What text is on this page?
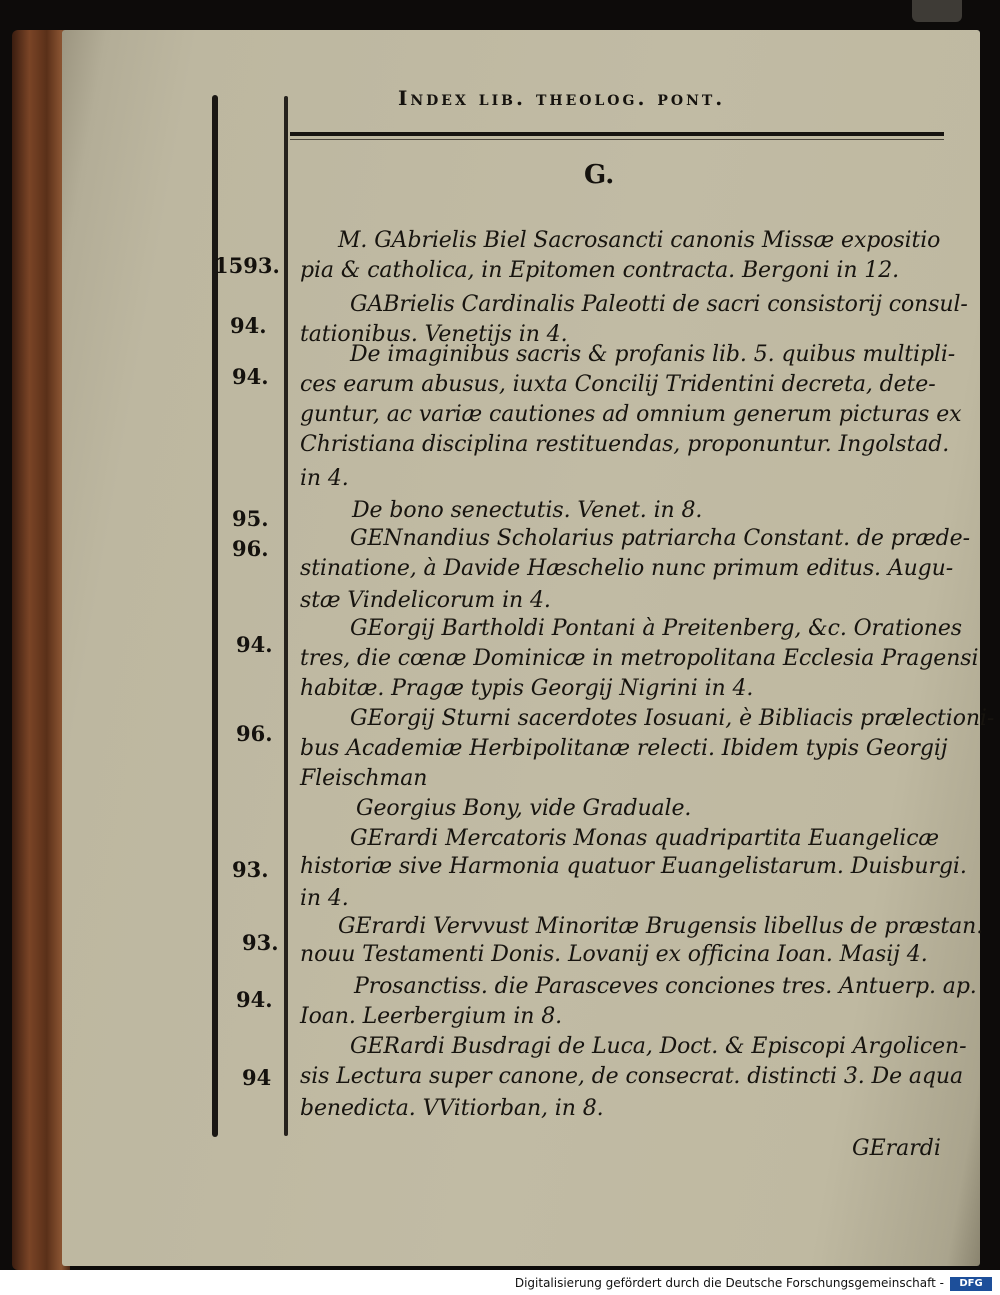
Index lib. theolog. pont.
G.
1593.
94.
94.
95.
96.
94.
96.
93.
93.
94.
94
M. GAbrielis Biel Sacrosancti canonis Missæ expositio
pia & catholica, in Epitomen contracta. Bergoni in 12.
GABrielis Cardinalis Paleotti de sacri consistorij consul-
tationibus. Venetijs in 4.
De imaginibus sacris & profanis lib. 5. quibus multipli-
ces earum abusus, iuxta Concilij Tridentini decreta, dete-
guntur, ac variæ cautiones ad omnium generum picturas ex
Christiana disciplina restituendas, proponuntur. Ingolstad.
in 4.
De bono senectutis. Venet. in 8.
GENnandius Scholarius patriarcha Constant. de præde-
stinatione, à Davide Hæschelio nunc primum editus. Augu-
stæ Vindelicorum in 4.
GEorgij Bartholdi Pontani à Preitenberg, &c. Orationes
tres, die cœnæ Dominicæ in metropolitana Ecclesia Pragensi
habitæ. Pragæ typis Georgij Nigrini in 4.
GEorgij Sturni sacerdotes Iosuani, è Bibliacis prælectioni-
bus Academiæ Herbipolitanæ relecti. Ibidem typis Georgij
Fleischman
Georgius Bony, vide Graduale.
GErardi Mercatoris Monas quadripartita Euangelicæ
historiæ sive Harmonia quatuor Euangelistarum. Duisburgi.
in 4.
GErardi Vervvust Minoritæ Brugensis libellus de præstan.
nouu Testamenti Donis. Lovanij ex officina Ioan. Masij 4.
Prosanctiss. die Parasceves conciones tres. Antuerp. ap.
Ioan. Leerbergium in 8.
GERardi Busdragi de Luca, Doct. & Episcopi Argolicen-
sis Lectura super canone, de consecrat. distincti 3. De aqua
benedicta. VVitiorban, in 8.
GErardi
Digitalisierung gefördert durch die Deutsche Forschungsgemeinschaft -	DFG
